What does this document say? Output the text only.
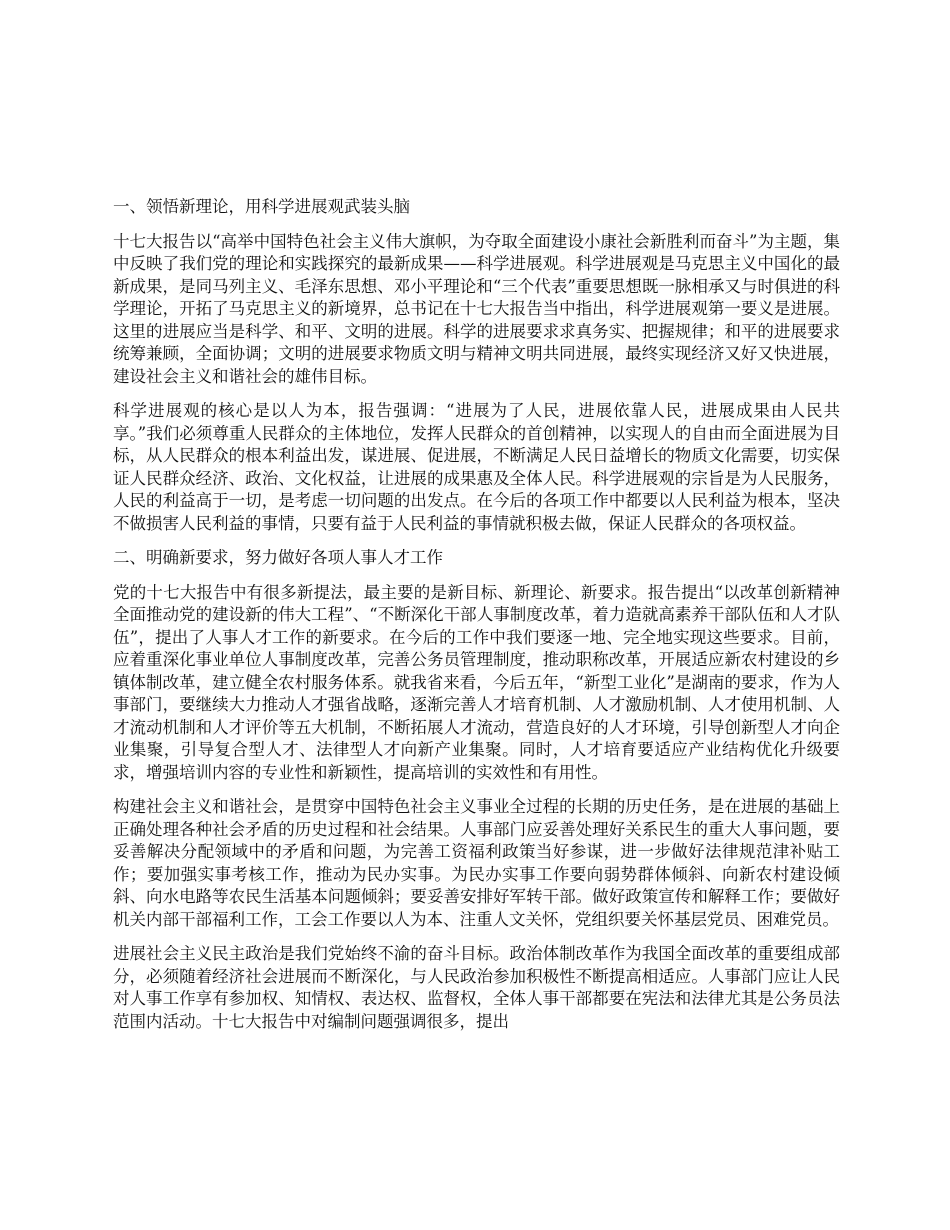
一、领悟新理论，用科学进展观武装头脑

十七大报告以“高举中国特色社会主义伟大旗帜，为夺取全面建设小康社会新胜利而奋斗”为主题，集中反映了我们党的理论和实践探究的最新成果——科学进展观。科学进展观是马克思主义中国化的最新成果，是同马列主义、毛泽东思想、邓小平理论和“三个代表”重要思想既一脉相承又与时俱进的科学理论，开拓了马克思主义的新境界，总书记在十七大报告当中指出，科学进展观第一要义是进展。这里的进展应当是科学、和平、文明的进展。科学的进展要求求真务实、把握规律；和平的进展要求统筹兼顾，全面协调；文明的进展要求物质文明与精神文明共同进展，最终实现经济又好又快进展，建设社会主义和谐社会的雄伟目标。

科学进展观的核心是以人为本，报告强调：“进展为了人民，进展依靠人民，进展成果由人民共享。”我们必须尊重人民群众的主体地位，发挥人民群众的首创精神，以实现人的自由而全面进展为目标，从人民群众的根本利益出发，谋进展、促进展，不断满足人民日益增长的物质文化需要，切实保证人民群众经济、政治、文化权益，让进展的成果惠及全体人民。科学进展观的宗旨是为人民服务，人民的利益高于一切，是考虑一切问题的出发点。在今后的各项工作中都要以人民利益为根本，坚决不做损害人民利益的事情，只要有益于人民利益的事情就积极去做，保证人民群众的各项权益。

二、明确新要求，努力做好各项人事人才工作

党的十七大报告中有很多新提法，最主要的是新目标、新理论、新要求。报告提出“以改革创新精神全面推动党的建设新的伟大工程”、“不断深化干部人事制度改革，着力造就高素养干部队伍和人才队伍”，提出了人事人才工作的新要求。在今后的工作中我们要逐一地、完全地实现这些要求。目前，应着重深化事业单位人事制度改革，完善公务员管理制度，推动职称改革，开展适应新农村建设的乡镇体制改革，建立健全农村服务体系。就我省来看，今后五年，“新型工业化”是湖南的要求，作为人事部门，要继续大力推动人才强省战略，逐渐完善人才培育机制、人才激励机制、人才使用机制、人才流动机制和人才评价等五大机制，不断拓展人才流动，营造良好的人才环境，引导创新型人才向企业集聚，引导复合型人才、法律型人才向新产业集聚。同时，人才培育要适应产业结构优化升级要求，增强培训内容的专业性和新颖性，提高培训的实效性和有用性。

构建社会主义和谐社会，是贯穿中国特色社会主义事业全过程的长期的历史任务，是在进展的基础上正确处理各种社会矛盾的历史过程和社会结果。人事部门应妥善处理好关系民生的重大人事问题，要妥善解决分配领域中的矛盾和问题，为完善工资福利政策当好参谋，进一步做好法律规范津补贴工作；要加强实事考核工作，推动为民办实事。为民办实事工作要向弱势群体倾斜、向新农村建设倾斜、向水电路等农民生活基本问题倾斜；要妥善安排好军转干部。做好政策宣传和解释工作；要做好机关内部干部福利工作，工会工作要以人为本、注重人文关怀，党组织要关怀基层党员、困难党员。

进展社会主义民主政治是我们党始终不渝的奋斗目标。政治体制改革作为我国全面改革的重要组成部分，必须随着经济社会进展而不断深化，与人民政治参加积极性不断提高相适应。人事部门应让人民对人事工作享有参加权、知情权、表达权、监督权，全体人事干部都要在宪法和法律尤其是公务员法范围内活动。十七大报告中对编制问题强调很多，提出
